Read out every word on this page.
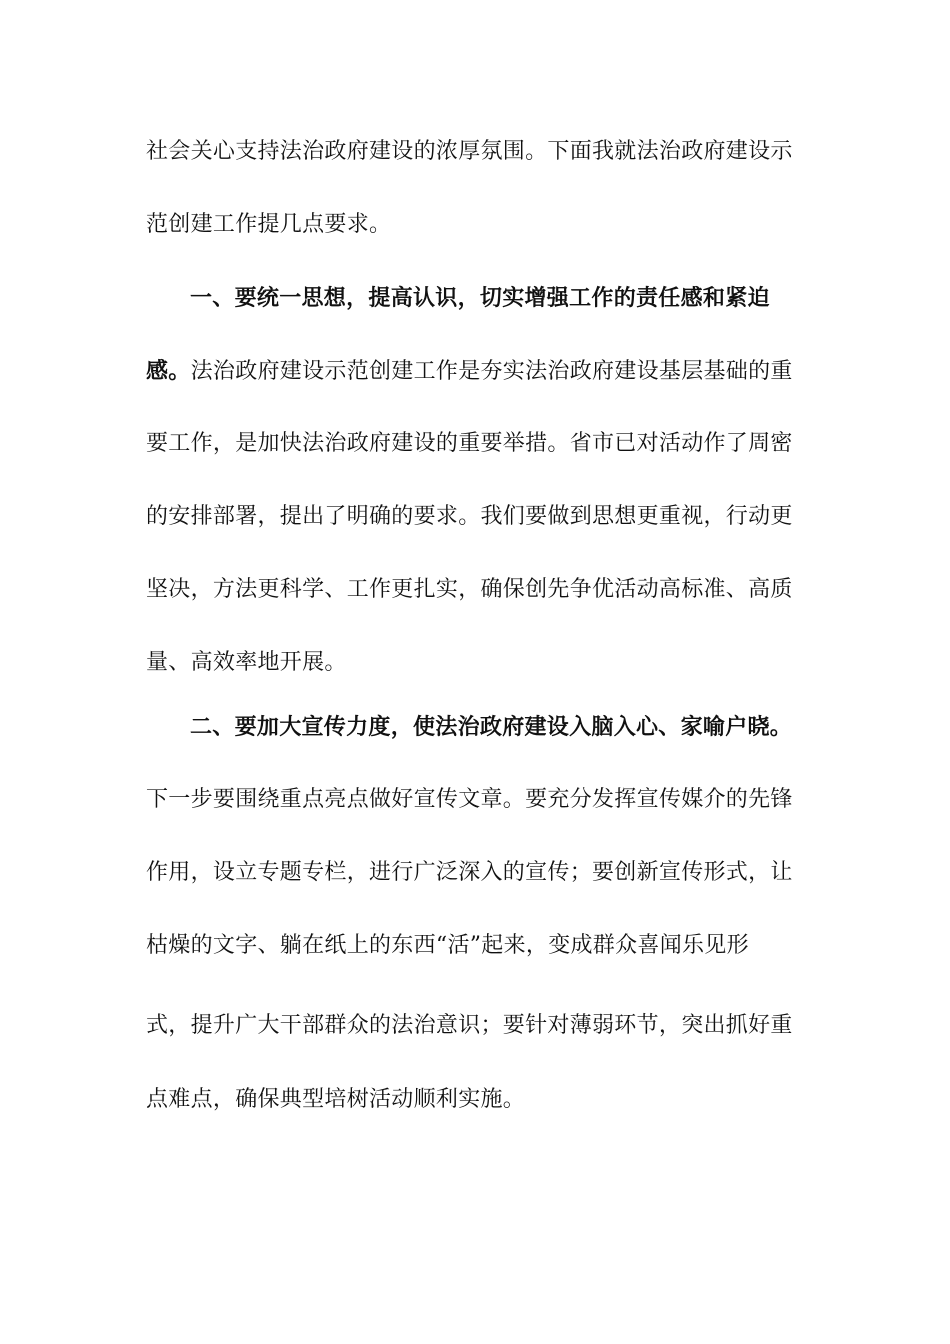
社会关心支持法治政府建设的浓厚氛围。下面我就法治政府建设示
范创建工作提几点要求。
一、要统一思想，提高认识，切实增强工作的责任感和紧迫
感。法治政府建设示范创建工作是夯实法治政府建设基层基础的重
要工作，是加快法治政府建设的重要举措。省市已对活动作了周密
的安排部署，提出了明确的要求。我们要做到思想更重视，行动更
坚决，方法更科学、工作更扎实，确保创先争优活动高标准、高质
量、高效率地开展。
二、要加大宣传力度，使法治政府建设入脑入心、家喻户晓。
下一步要围绕重点亮点做好宣传文章。要充分发挥宣传媒介的先锋
作用，设立专题专栏，进行广泛深入的宣传；要创新宣传形式，让
枯燥的文字、躺在纸上的东西“活”起来，变成群众喜闻乐见形
式，提升广大干部群众的法治意识；要针对薄弱环节，突出抓好重
点难点，确保典型培树活动顺利实施。
